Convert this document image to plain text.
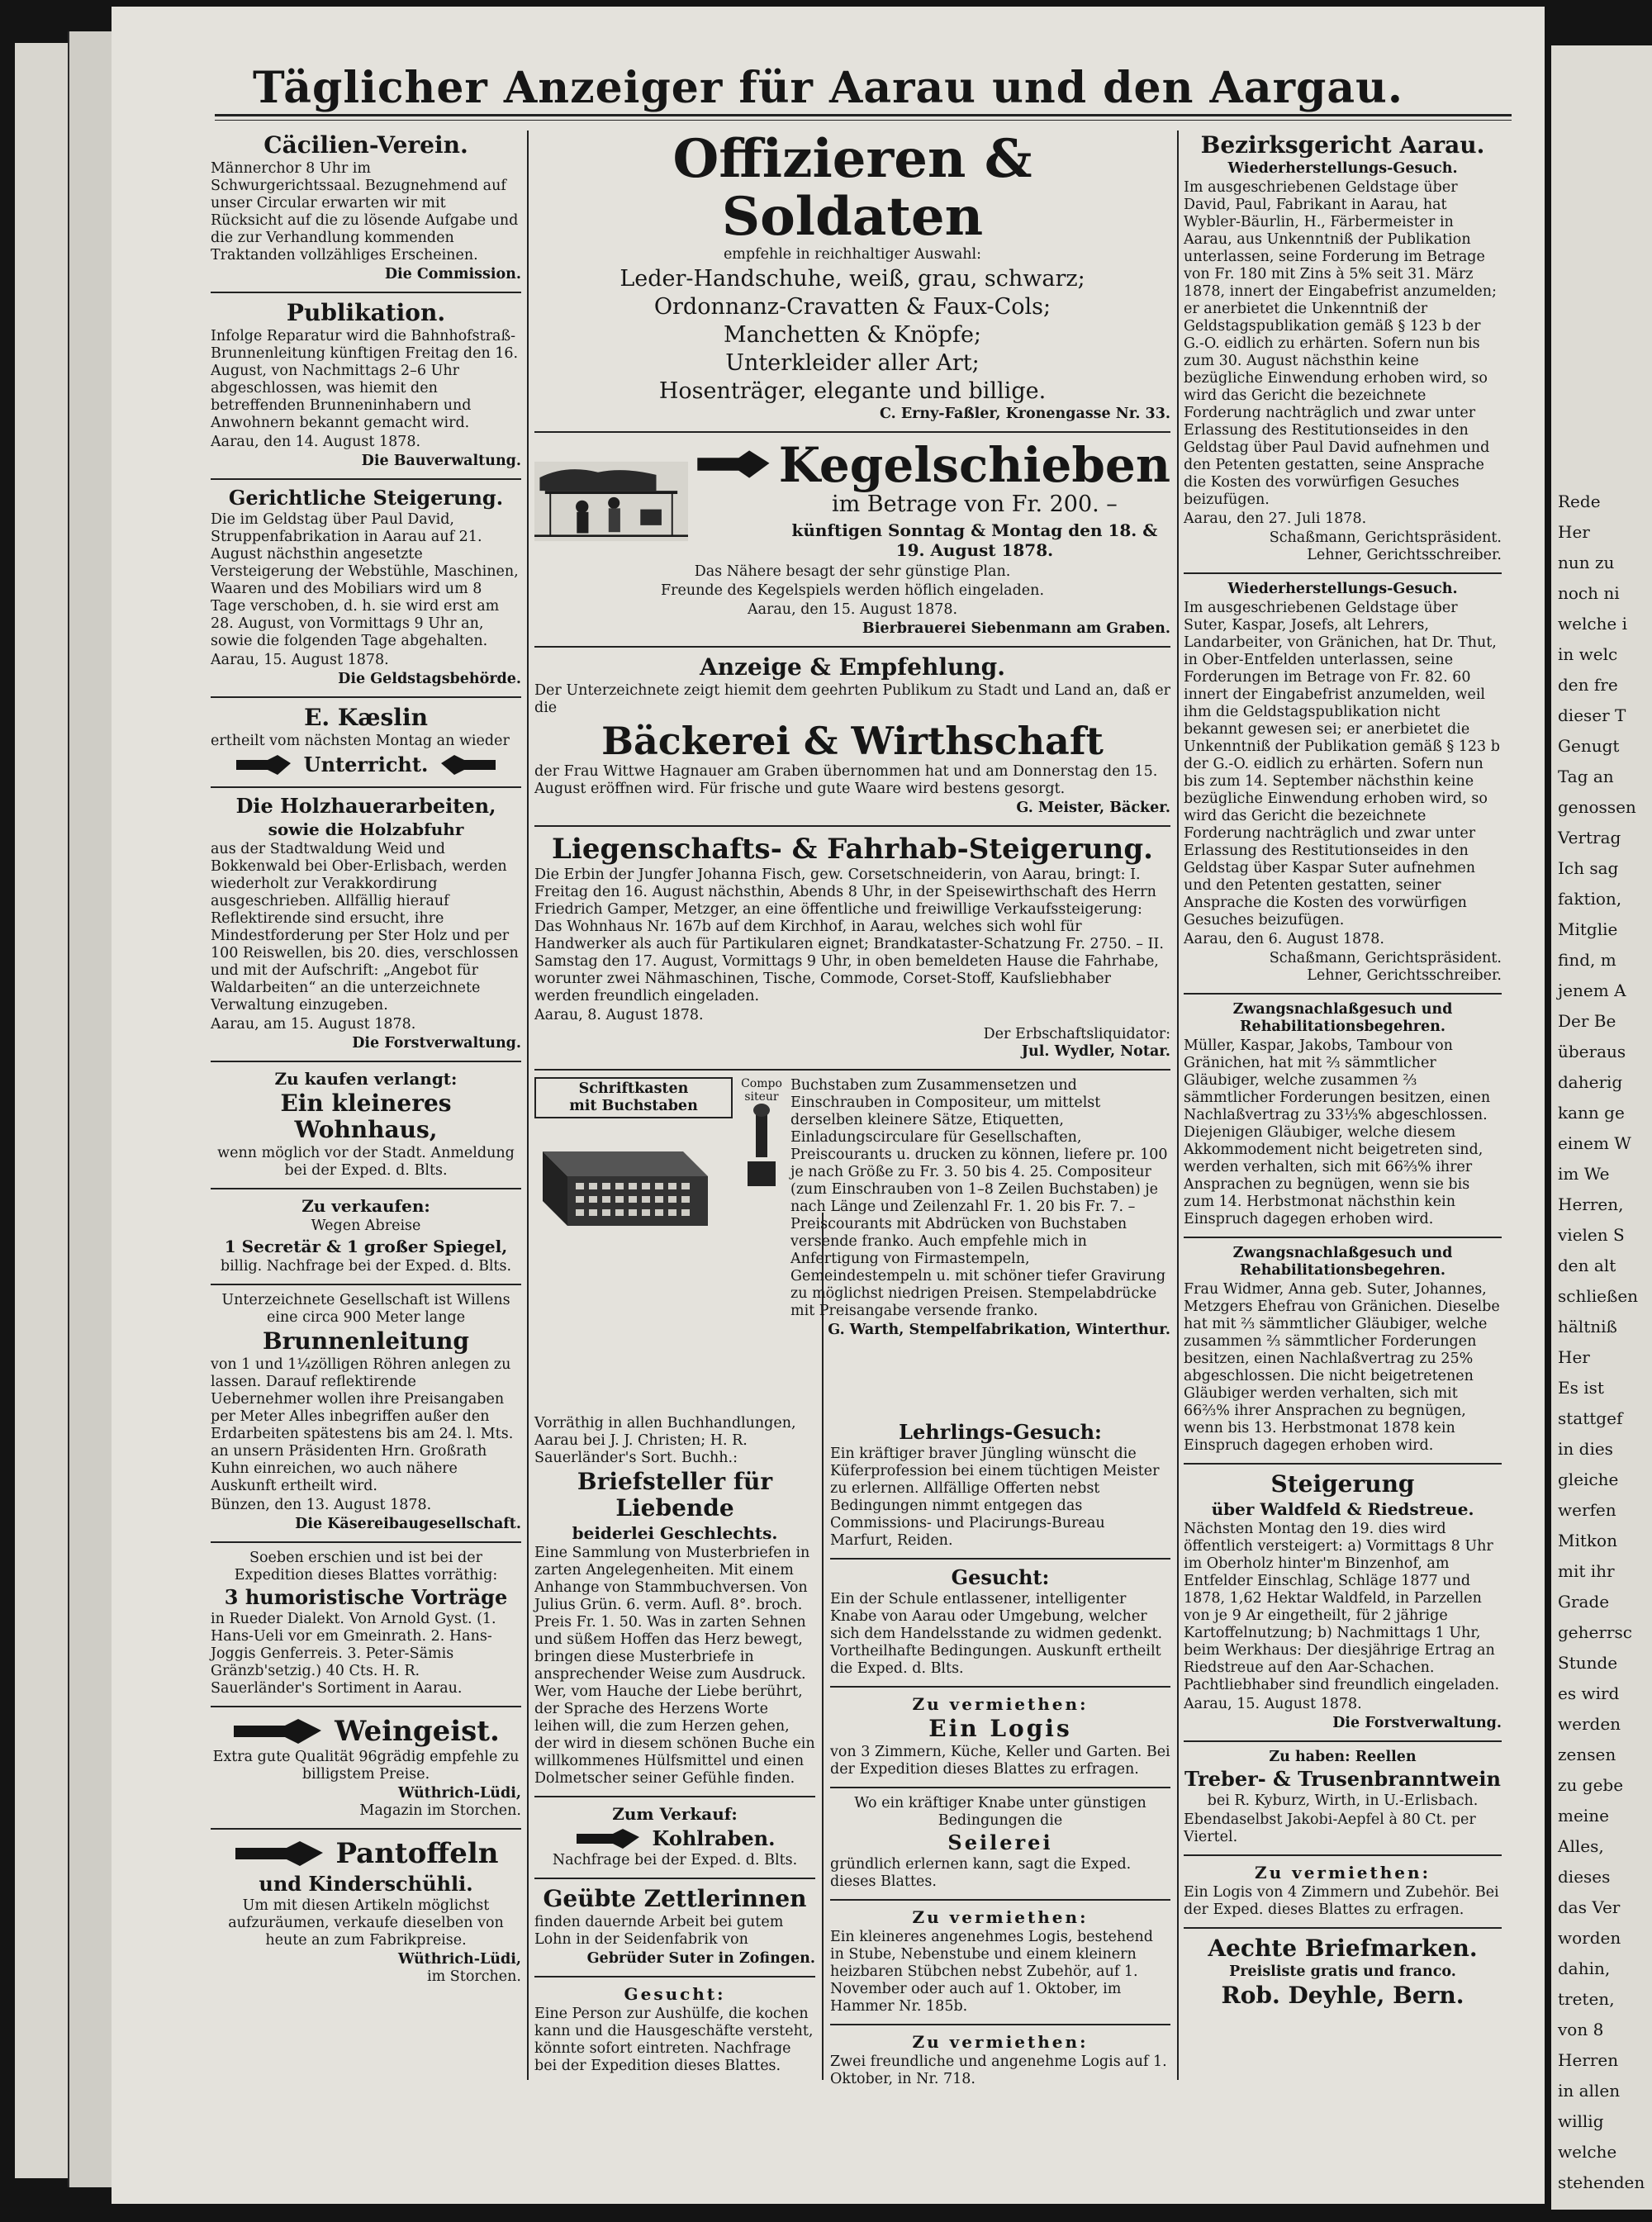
Täglicher Anzeiger für Aarau und den Aargau.
Cäcilien-Verein.

Männerchor 8 Uhr im Schwurgerichtssaal. Bezugnehmend auf unser Circular erwarten wir mit Rücksicht auf die zu lösende Aufgabe und die zur Verhandlung kommenden Traktanden vollzähliges Erscheinen.

Die Commission.
Publikation.

Infolge Reparatur wird die Bahnhofstraß-Brunnenleitung künftigen Freitag den 16. August, von Nachmittags 2–6 Uhr abgeschlossen, was hiemit den betreffenden Brunneninhabern und Anwohnern bekannt gemacht wird.

Aarau, den 14. August 1878.

Die Bauverwaltung.
Gerichtliche Steigerung.

Die im Geldstag über Paul David, Struppenfabrikation in Aarau auf 21. August nächsthin angesetzte Versteigerung der Webstühle, Maschinen, Waaren und des Mobiliars wird um 8 Tage verschoben, d. h. sie wird erst am 28. August, von Vormittags 9 Uhr an, sowie die folgenden Tage abgehalten.

Aarau, 15. August 1878.

Die Geldstagsbehörde.
E. Kæslin

ertheilt vom nächsten Montag an wieder

Unterricht.
Die Holzhauerarbeiten,
sowie die Holzabfuhr

aus der Stadtwaldung Weid und Bokkenwald bei Ober-Erlisbach, werden wiederholt zur Verakkordirung ausgeschrieben. Allfällig hierauf Reflektirende sind ersucht, ihre Mindestforderung per Ster Holz und per 100 Reiswellen, bis 20. dies, verschlossen und mit der Aufschrift: „Angebot für Waldarbeiten“ an die unterzeichnete Verwaltung einzugeben.

Aarau, am 15. August 1878.

Die Forstverwaltung.
Zu kaufen verlangt:
Ein kleineres Wohnhaus,

wenn möglich vor der Stadt. Anmeldung bei der Exped. d. Blts.

Zu verkaufen:

Wegen Abreise

1 Secretär & 1 großer Spiegel,

billig. Nachfrage bei der Exped. d. Blts.

Unterzeichnete Gesellschaft ist Willens eine circa 900 Meter lange

Brunnenleitung

von 1 und 1¼zölligen Röhren anlegen zu lassen. Darauf reflektirende Uebernehmer wollen ihre Preisangaben per Meter Alles inbegriffen außer den Erdarbeiten spätestens bis am 24. l. Mts. an unsern Präsidenten Hrn. Großrath Kuhn einreichen, wo auch nähere Auskunft ertheilt wird.

Bünzen, den 13. August 1878.

Die Käsereibaugesellschaft.

Soeben erschien und ist bei der Expedition dieses Blattes vorräthig:

3 humoristische Vorträge

in Rueder Dialekt. Von Arnold Gyst. (1. Hans-Ueli vor em Gmeinrath. 2. Hans-Joggis Genferreis. 3. Peter-Sämis Gränzb'setzig.) 40 Cts. H. R. Sauerländer's Sortiment in Aarau.

Weingeist.

Extra gute Qualität 96grädig empfehle zu billigstem Preise.

Wüthrich-Lüdi,
Magazin im Storchen.
Pantoffeln
und Kinderschühli.

Um mit diesen Artikeln möglichst aufzuräumen, verkaufe dieselben von heute an zum Fabrikpreise.

Wüthrich-Lüdi,
im Storchen.
Offizieren & Soldaten

empfehle in reichhaltiger Auswahl:

Leder-Handschuhe, weiß, grau, schwarz;
Ordonnanz-Cravatten & Faux-Cols;
Manchetten & Knöpfe;
Unterkleider aller Art;
Hosenträger, elegante und billige.
C. Erny-Faßler, Kronengasse Nr. 33.
Kegelschieben
im Betrage von Fr. 200. –
künftigen Sonntag & Montag den 18. & 19. August 1878.

Das Nähere besagt der sehr günstige Plan.

Freunde des Kegelspiels werden höflich eingeladen.

Aarau, den 15. August 1878.

Bierbrauerei Siebenmann am Graben.
Anzeige & Empfehlung.

Der Unterzeichnete zeigt hiemit dem geehrten Publikum zu Stadt und Land an, daß er die

Bäckerei & Wirthschaft

der Frau Wittwe Hagnauer am Graben übernommen hat und am Donnerstag den 15. August eröffnen wird. Für frische und gute Waare wird bestens gesorgt.

G. Meister, Bäcker.
Liegenschafts- & Fahrhab-Steigerung.

Die Erbin der Jungfer Johanna Fisch, gew. Corsetschneiderin, von Aarau, bringt: I. Freitag den 16. August nächsthin, Abends 8 Uhr, in der Speisewirthschaft des Herrn Friedrich Gamper, Metzger, an eine öffentliche und freiwillige Verkaufssteigerung: Das Wohnhaus Nr. 167b auf dem Kirchhof, in Aarau, welches sich wohl für Handwerker als auch für Partikularen eignet; Brandkataster-Schatzung Fr. 2750. – II. Samstag den 17. August, Vormittags 9 Uhr, in oben bemeldeten Hause die Fahrhabe, worunter zwei Nähmaschinen, Tische, Commode, Corset-Stoff, Kaufsliebhaber werden freundlich eingeladen.

Aarau, 8. August 1878.

Der Erbschaftsliquidator:
Jul. Wydler, Notar.
Schriftkasten
mit Buchstaben
Compositeur

Buchstaben zum Zusammensetzen und Einschrauben in Compositeur, um mittelst derselben kleinere Sätze, Etiquetten, Einladungscirculare für Gesellschaften, Preiscourants u. drucken zu können, liefere pr. 100 je nach Größe zu Fr. 3. 50 bis 4. 25. Compositeur (zum Einschrauben von 1–8 Zeilen Buchstaben) je nach Länge und Zeilenzahl Fr. 1. 20 bis Fr. 7. – Preiscourants mit Abdrücken von Buchstaben versende franko. Auch empfehle mich in Anfertigung von Firmastempeln, Gemeindestempeln u. mit schöner tiefer Gravirung zu möglichst niedrigen Preisen. Stempelabdrücke mit Preisangabe versende franko.

G. Warth, Stempelfabrikation, Winterthur.

Vorräthig in allen Buchhandlungen, Aarau bei J. J. Christen; H. R. Sauerländer's Sort. Buchh.:

Briefsteller für Liebende
beiderlei Geschlechts.

Eine Sammlung von Musterbriefen in zarten Angelegenheiten. Mit einem Anhange von Stammbuchversen. Von Julius Grün. 6. verm. Aufl. 8°. broch. Preis Fr. 1. 50. Was in zarten Sehnen und süßem Hoffen das Herz bewegt, bringen diese Musterbriefe in ansprechender Weise zum Ausdruck. Wer, vom Hauche der Liebe berührt, der Sprache des Herzens Worte leihen will, die zum Herzen gehen, der wird in diesem schönen Buche ein willkommenes Hülfsmittel und einen Dolmetscher seiner Gefühle finden.

Zum Verkauf:
Kohlraben.

Nachfrage bei der Exped. d. Blts.

Geübte Zettlerinnen

finden dauernde Arbeit bei gutem Lohn in der Seidenfabrik von

Gebrüder Suter in Zofingen.
Gesucht:

Eine Person zur Aushülfe, die kochen kann und die Hausgeschäfte versteht, könnte sofort eintreten. Nachfrage bei der Expedition dieses Blattes.

Lehrlings-Gesuch:

Ein kräftiger braver Jüngling wünscht die Küferprofession bei einem tüchtigen Meister zu erlernen. Allfällige Offerten nebst Bedingungen nimmt entgegen das Commissions- und Placirungs-Bureau Marfurt, Reiden.

Gesucht:

Ein der Schule entlassener, intelligenter Knabe von Aarau oder Umgebung, welcher sich dem Handelsstande zu widmen gedenkt. Vortheilhafte Bedingungen. Auskunft ertheilt die Exped. d. Blts.

Zu vermiethen:
Ein Logis

von 3 Zimmern, Küche, Keller und Garten. Bei der Expedition dieses Blattes zu erfragen.

Wo ein kräftiger Knabe unter günstigen Bedingungen die

Seilerei

gründlich erlernen kann, sagt die Exped. dieses Blattes.

Zu vermiethen:

Ein kleineres angenehmes Logis, bestehend in Stube, Nebenstube und einem kleinern heizbaren Stübchen nebst Zubehör, auf 1. November oder auch auf 1. Oktober, im Hammer Nr. 185b.

Zu vermiethen:

Zwei freundliche und angenehme Logis auf 1. Oktober, in Nr. 718.

Bezirksgericht Aarau.
Wiederherstellungs-Gesuch.

Im ausgeschriebenen Geldstage über David, Paul, Fabrikant in Aarau, hat Wybler-Bäurlin, H., Färbermeister in Aarau, aus Unkenntniß der Publikation unterlassen, seine Forderung im Betrage von Fr. 180 mit Zins à 5% seit 31. März 1878, innert der Eingabefrist anzumelden; er anerbietet die Unkenntniß der Geldstagspublikation gemäß § 123 b der G.-O. eidlich zu erhärten. Sofern nun bis zum 30. August nächsthin keine bezügliche Einwendung erhoben wird, so wird das Gericht die bezeichnete Forderung nachträglich und zwar unter Erlassung des Restitutionseides in den Geldstag über Paul David aufnehmen und den Petenten gestatten, seine Ansprache die Kosten des vorwürfigen Gesuches beizufügen.

Aarau, den 27. Juli 1878.

Schaßmann, Gerichtspräsident.
Lehner, Gerichtsschreiber.
Wiederherstellungs-Gesuch.

Im ausgeschriebenen Geldstage über Suter, Kaspar, Josefs, alt Lehrers, Landarbeiter, von Gränichen, hat Dr. Thut, in Ober-Entfelden unterlassen, seine Forderungen im Betrage von Fr. 82. 60 innert der Eingabefrist anzumelden, weil ihm die Geldstagspublikation nicht bekannt gewesen sei; er anerbietet die Unkenntniß der Publikation gemäß § 123 b der G.-O. eidlich zu erhärten. Sofern nun bis zum 14. September nächsthin keine bezügliche Einwendung erhoben wird, so wird das Gericht die bezeichnete Forderung nachträglich und zwar unter Erlassung des Restitutionseides in den Geldstag über Kaspar Suter aufnehmen und den Petenten gestatten, seiner Ansprache die Kosten des vorwürfigen Gesuches beizufügen.

Aarau, den 6. August 1878.

Schaßmann, Gerichtspräsident.
Lehner, Gerichtsschreiber.
Zwangsnachlaßgesuch und Rehabilitationsbegehren.

Müller, Kaspar, Jakobs, Tambour von Gränichen, hat mit ⅔ sämmtlicher Gläubiger, welche zusammen ⅔ sämmtlicher Forderungen besitzen, einen Nachlaßvertrag zu 33⅓% abgeschlossen. Diejenigen Gläubiger, welche diesem Akkommodement nicht beigetreten sind, werden verhalten, sich mit 66⅔% ihrer Ansprachen zu begnügen, wenn sie bis zum 14. Herbstmonat nächsthin kein Einspruch dagegen erhoben wird.

Zwangsnachlaßgesuch und Rehabilitationsbegehren.

Frau Widmer, Anna geb. Suter, Johannes, Metzgers Ehefrau von Gränichen. Dieselbe hat mit ⅔ sämmtlicher Gläubiger, welche zusammen ⅔ sämmtlicher Forderungen besitzen, einen Nachlaßvertrag zu 25% abgeschlossen. Die nicht beigetretenen Gläubiger werden verhalten, sich mit 66⅔% ihrer Ansprachen zu begnügen, wenn bis 13. Herbstmonat 1878 kein Einspruch dagegen erhoben wird.

Steigerung
über Waldfeld & Riedstreue.

Nächsten Montag den 19. dies wird öffentlich versteigert: a) Vormittags 8 Uhr im Oberholz hinter'm Binzenhof, am Entfelder Einschlag, Schläge 1877 und 1878, 1,62 Hektar Waldfeld, in Parzellen von je 9 Ar eingetheilt, für 2 jährige Kartoffelnutzung; b) Nachmittags 1 Uhr, beim Werkhaus: Der diesjährige Ertrag an Riedstreue auf den Aar-Schachen. Pachtliebhaber sind freundlich eingeladen.

Aarau, 15. August 1878.

Die Forstverwaltung.
Zu haben: Reellen
Treber- & Trusenbranntwein

bei R. Kyburz, Wirth, in U.-Erlisbach.

Ebendaselbst Jakobi-Aepfel à 80 Ct. per Viertel.

Zu vermiethen:

Ein Logis von 4 Zimmern und Zubehör. Bei der Exped. dieses Blattes zu erfragen.

Aechte Briefmarken.
Preisliste gratis und franco.
Rob. Deyhle, Bern.
Rede
Her
nun zu
noch ni
welche i
in welc
den fre
dieser T
Genugt
Tag an
genossen
Vertrag
Ich sag
faktion,
Mitglie
find, m
jenem A
Der Be
überaus
daherig
kann ge
einem W
im We
Herren,
vielen S
den alt
schließen
hältniß
Her
Es ist
stattgef
in dies
gleiche
werfen
Mitkon
mit ihr
Grade
geherrsc
Stunde
es wird
werden
zensen
zu gebe
meine
Alles,
dieses
das Ver
worden
dahin,
treten,
von 8
Herren
in allen
willig
welche
stehenden
